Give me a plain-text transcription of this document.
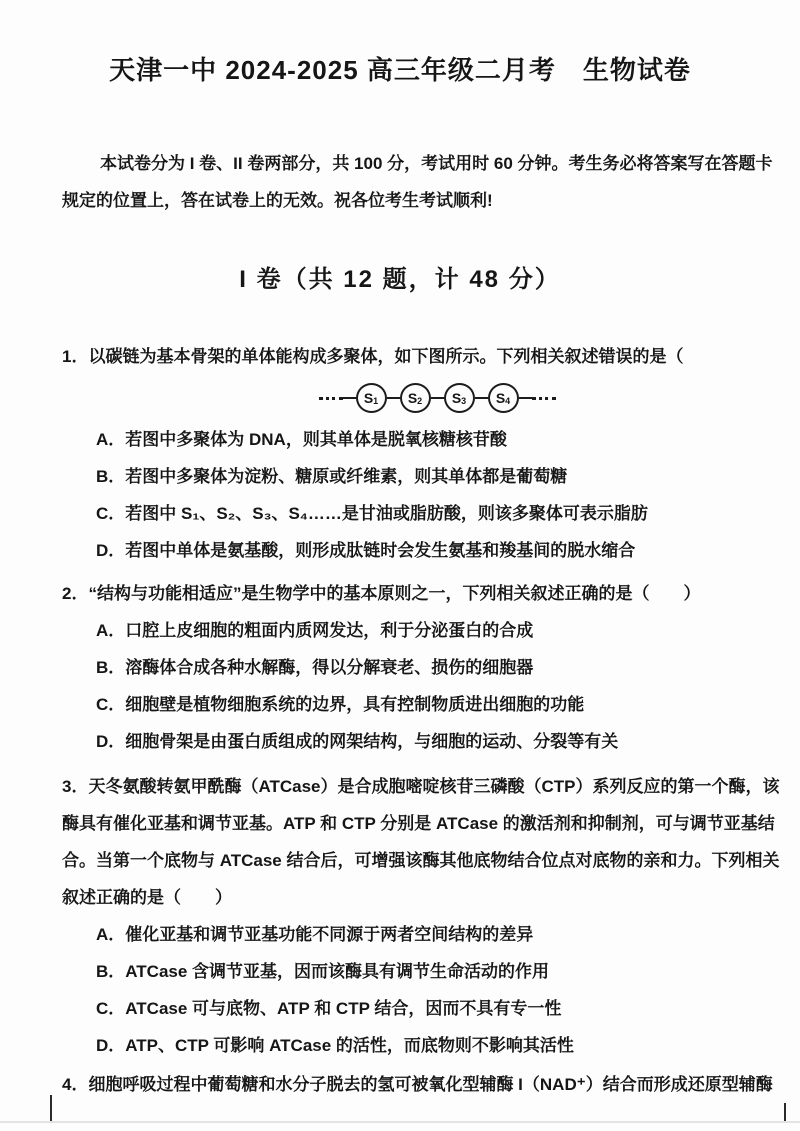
天津一中 2024-2025 高三年级二月考　生物试卷
本试卷分为 I 卷、II 卷两部分，共 100 分，考试用时 60 分钟。考生务必将答案写在答题卡
规定的位置上，答在试卷上的无效。祝各位考生考试顺利!
I 卷（共 12 题，计 48 分）
1．以碳链为基本骨架的单体能构成多聚体，如下图所示。下列相关叙述错误的是（
$S_1$ $S_2$ $S_3$ $S_4$
A．若图中多聚体为 DNA，则其单体是脱氧核糖核苷酸
B．若图中多聚体为淀粉、糖原或纤维素，则其单体都是葡萄糖
C．若图中 S₁、S₂、S₃、S₄……是甘油或脂肪酸，则该多聚体可表示脂肪
D．若图中单体是氨基酸，则形成肽链时会发生氨基和羧基间的脱水缩合
2．“结构与功能相适应”是生物学中的基本原则之一，下列相关叙述正确的是（　　）
A．口腔上皮细胞的粗面内质网发达，利于分泌蛋白的合成
B．溶酶体合成各种水解酶，得以分解衰老、损伤的细胞器
C．细胞壁是植物细胞系统的边界，具有控制物质进出细胞的功能
D．细胞骨架是由蛋白质组成的网架结构，与细胞的运动、分裂等有关
3．天冬氨酸转氨甲酰酶（ATCase）是合成胞嘧啶核苷三磷酸（CTP）系列反应的第一个酶，该
酶具有催化亚基和调节亚基。ATP 和 CTP 分别是 ATCase 的激活剂和抑制剂，可与调节亚基结
合。当第一个底物与 ATCase 结合后，可增强该酶其他底物结合位点对底物的亲和力。下列相关
叙述正确的是（　　）
A．催化亚基和调节亚基功能不同源于两者空间结构的差异
B．ATCase 含调节亚基，因而该酶具有调节生命活动的作用
C．ATCase 可与底物、ATP 和 CTP 结合，因而不具有专一性
D．ATP、CTP 可影响 ATCase 的活性，而底物则不影响其活性
4．细胞呼吸过程中葡萄糖和水分子脱去的氢可被氧化型辅酶 I（NAD⁺）结合而形成还原型辅酶
